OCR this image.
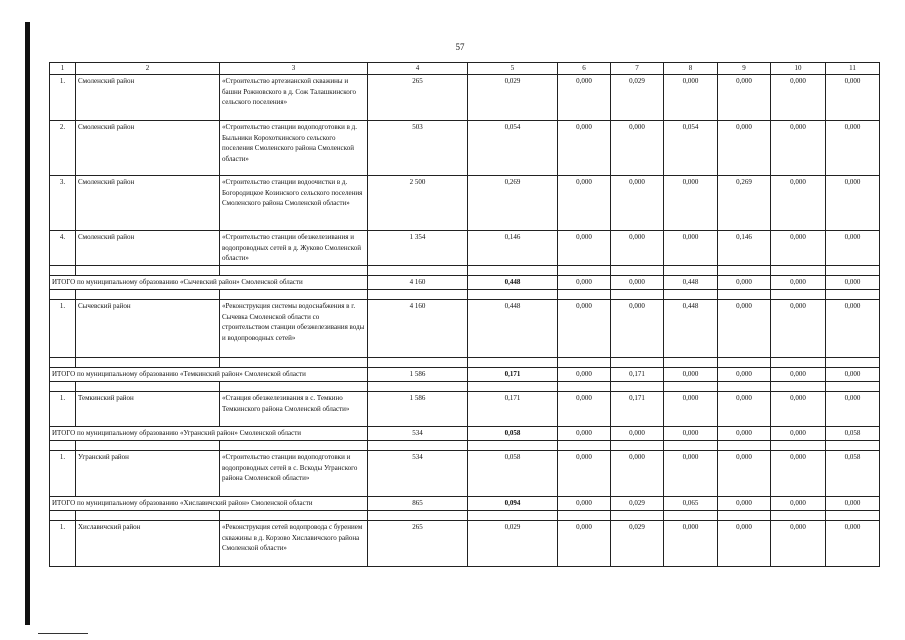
57
1	2	3	4	5	6	7	8	9	10	11
1.	Смоленский район	«Строительство артезианской скважины и башни Рожновского в д. Сож Талашкинского сельского поселения»	265	0,029	0,000	0,029	0,000	0,000	0,000	0,000
2.	Смоленский район	«Строительство станции водоподготовки в д. Быльники Корохоткинского сельского поселения Смоленского района Смоленской области»	503	0,054	0,000	0,000	0,054	0,000	0,000	0,000
3.	Смоленский район	«Строительство станции водоочистки в д. Богородицкое Козинского сельского поселения Смоленского района Смоленской области»	2 500	0,269	0,000	0,000	0,000	0,269	0,000	0,000
4.	Смоленский район	«Строительство станции обезжелезивания и водопроводных сетей в д. Жуково Смоленской области»	1 354	0,146	0,000	0,000	0,000	0,146	0,000	0,000

ИТОГО по муниципальному образованию «Сычевский район» Смоленской области			4 160	0,448	0,000	0,000	0,448	0,000	0,000	0,000

1.	Сычевский район	«Реконструкция системы водоснабжения в г. Сычевка Смоленской области со строительством станции обезжелезивания воды и водопроводных сетей»	4 160	0,448	0,000	0,000	0,448	0,000	0,000	0,000

ИТОГО по муниципальному образованию «Темкинский район» Смоленской области			1 586	0,171	0,000	0,171	0,000	0,000	0,000	0,000

1.	Темкинский район	«Станция обезжелезивания в с. Темкино Темкинского района Смоленской области»	1 586	0,171	0,000	0,171	0,000	0,000	0,000	0,000
ИТОГО по муниципальному образованию «Угранский район» Смоленской области			534	0,058	0,000	0,000	0,000	0,000	0,000	0,058

1.	Угранский район	«Строительство станции водоподготовки и водопроводных сетей в с. Вскоды Угранского района Смоленской области»	534	0,058	0,000	0,000	0,000	0,000	0,000	0,058
ИТОГО по муниципальному образованию «Хиславичский район» Смоленской области			865	0,094	0,000	0,029	0,065	0,000	0,000	0,000

1.	Хиславичский район	«Реконструкция сетей водопровода с бурением скважины в д. Корзово Хиславичского района Смоленской области»	265	0,029	0,000	0,029	0,000	0,000	0,000	0,000
